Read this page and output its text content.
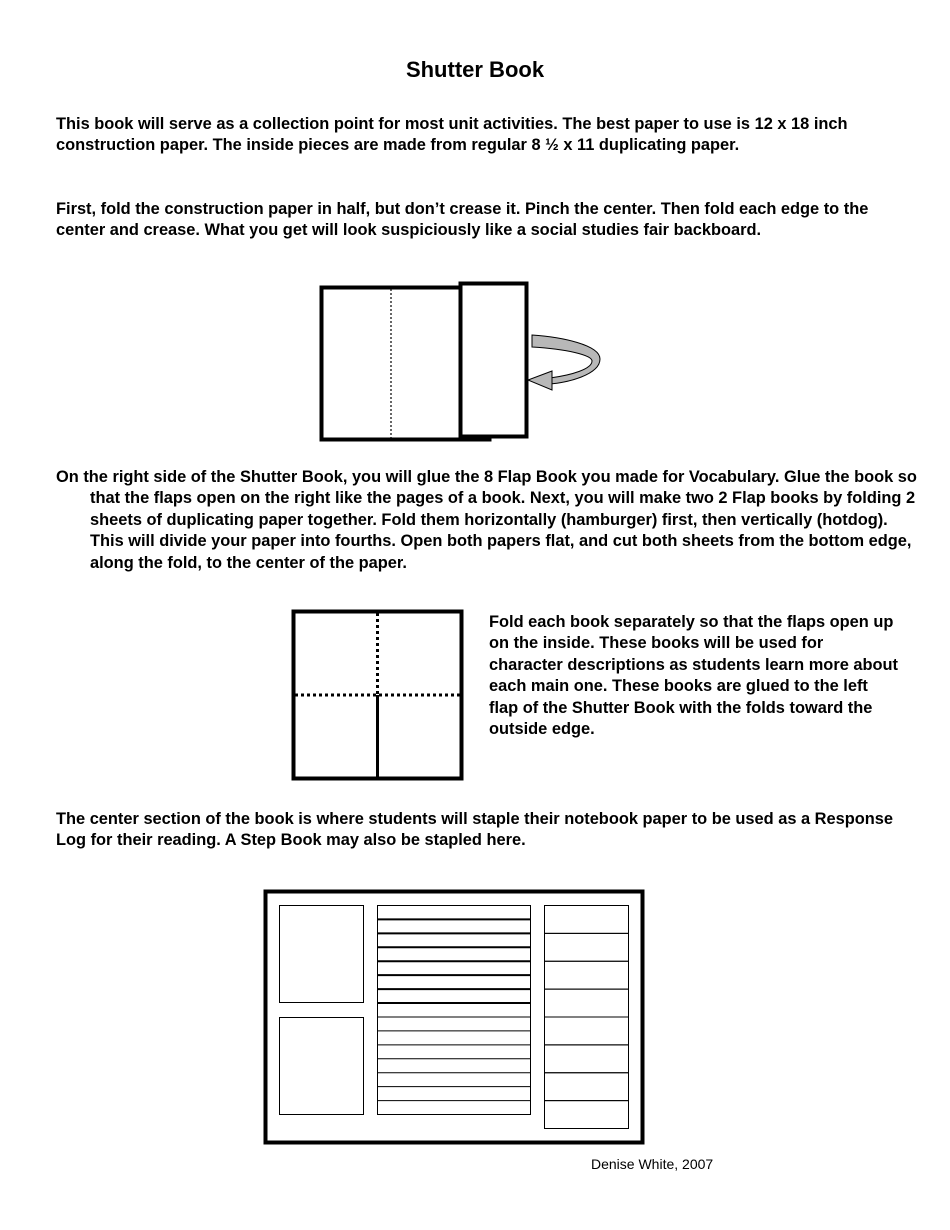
Shutter Book

This book will serve as a collection point for most unit activities. The best paper to use is 12 x 18 inch construction paper. The inside pieces are made from regular 8 ½ x 11 duplicating paper.

First, fold the construction paper in half, but don’t crease it. Pinch the center. Then fold each edge to the center and crease. What you get will look suspiciously like a social studies fair backboard.

On the right side of the Shutter Book, you will glue the 8 Flap Book you made for Vocabulary. Glue the book so that the flaps open on the right like the pages of a book. Next, you will make two 2 Flap books by folding 2 sheets of duplicating paper together. Fold them horizontally (hamburger) first, then vertically (hotdog). This will divide your paper into fourths. Open both papers flat, and cut both sheets from the bottom edge, along the fold, to the center of the paper.

Fold each book separately so that the flaps open up on the inside. These books will be used for character descriptions as students learn more about each main one. These books are glued to the left flap of the Shutter Book with the folds toward the outside edge.

The center section of the book is where students will staple their notebook paper to be used as a Response Log for their reading. A Step Book may also be stapled here.

Denise White, 2007
